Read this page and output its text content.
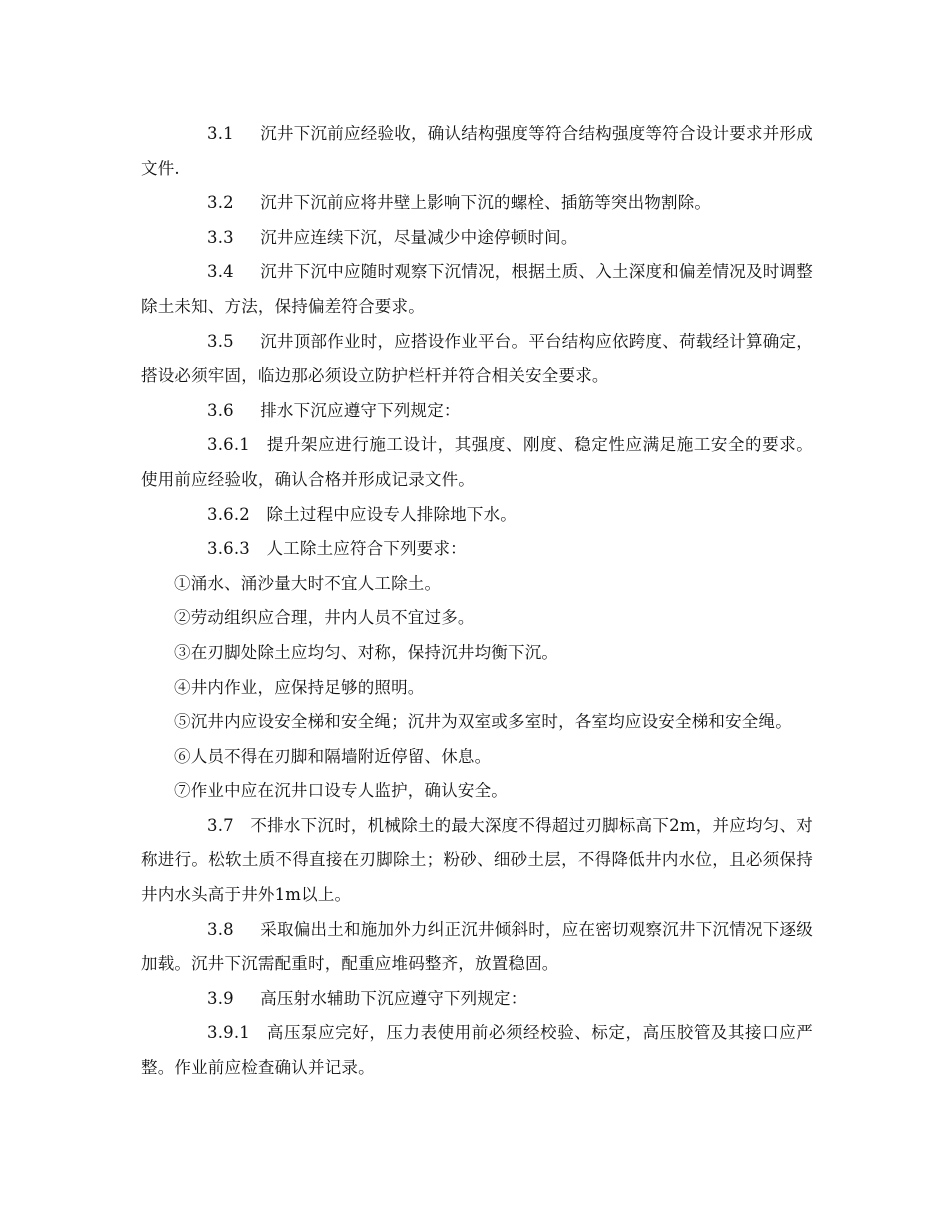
3.1 沉井下沉前应经验收，确认结构强度等符合结构强度等符合设计要求并形成文件.

3.2 沉井下沉前应将井壁上影响下沉的螺栓、插筋等突出物割除。

3.3 沉井应连续下沉，尽量减少中途停顿时间。

3.4 沉井下沉中应随时观察下沉情况，根据土质、入土深度和偏差情况及时调整除土未知、方法，保持偏差符合要求。

3.5 沉井顶部作业时，应搭设作业平台。平台结构应依跨度、荷载经计算确定，搭设必须牢固，临边那必须设立防护栏杆并符合相关安全要求。

3.6 排水下沉应遵守下列规定：

3.6.1 提升架应进行施工设计，其强度、刚度、稳定性应满足施工安全的要求。使用前应经验收，确认合格并形成记录文件。

3.6.2 除土过程中应设专人排除地下水。

3.6.3 人工除土应符合下列要求：

①涌水、涌沙量大时不宜人工除土。

②劳动组织应合理，井内人员不宜过多。

③在刃脚处除土应均匀、对称，保持沉井均衡下沉。

④井内作业，应保持足够的照明。

⑤沉井内应设安全梯和安全绳；沉井为双室或多室时，各室均应设安全梯和安全绳。

⑥人员不得在刃脚和隔墙附近停留、休息。

⑦作业中应在沉井口设专人监护，确认安全。

3.7 不排水下沉时，机械除土的最大深度不得超过刃脚标高下2m，并应均匀、对称进行。松软土质不得直接在刃脚除土；粉砂、细砂土层，不得降低井内水位，且必须保持井内水头高于井外1m以上。

3.8 采取偏出土和施加外力纠正沉井倾斜时，应在密切观察沉井下沉情况下逐级加载。沉井下沉需配重时，配重应堆码整齐，放置稳固。

3.9 高压射水辅助下沉应遵守下列规定：

3.9.1 高压泵应完好，压力表使用前必须经校验、标定，高压胶管及其接口应严整。作业前应检查确认并记录。
